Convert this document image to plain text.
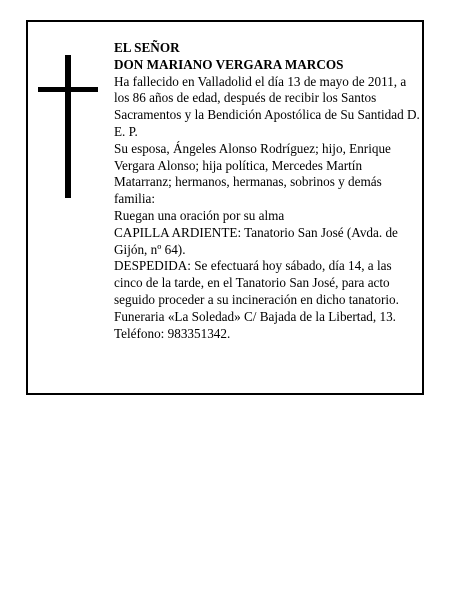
EL SEÑOR

DON MARIANO VERGARA MARCOS

Ha fallecido en Valladolid el día 13 de mayo de 2011, a los 86 años de edad, después de recibir los Santos Sacramentos y la Bendición Apostólica de Su Santidad D. E. P.

Su esposa, Ángeles Alonso Rodríguez; hijo, Enrique Vergara Alonso; hija política, Mercedes Martín Matarranz; hermanos, hermanas, sobrinos y demás familia:

Ruegan una oración por su alma

CAPILLA ARDIENTE: Tanatorio San José (Avda. de Gijón, nº 64).

DESPEDIDA: Se efectuará hoy sábado, día 14, a las cinco de la tarde, en el Tanatorio San José, para acto seguido proceder a su incineración en dicho tanatorio.

Funeraria «La Soledad» C/ Bajada de la Libertad, 13. Teléfono: 983351342.
